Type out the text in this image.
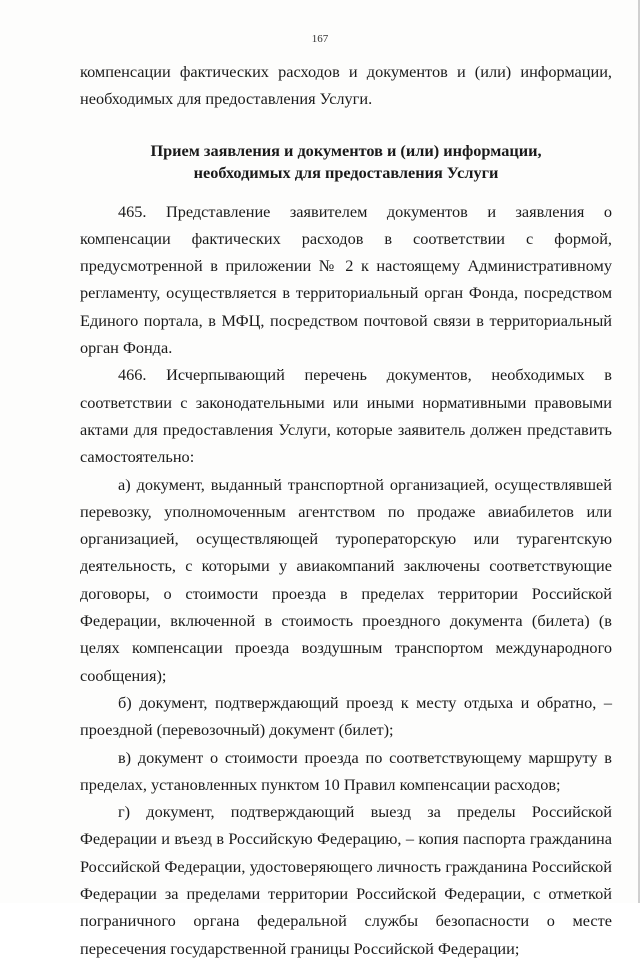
167

компенсации фактических расходов и документов и (или) информации, необходимых для предоставления Услуги.

Прием заявления и документов и (или) информации,
необходимых для предоставления Услуги

465. Представление заявителем документов и заявления о компенсации фактических расходов в соответствии с формой, предусмотренной в приложении № 2 к настоящему Административному регламенту, осуществляется в территориальный орган Фонда, посредством Единого портала, в МФЦ, посредством почтовой связи в территориальный орган Фонда.

466. Исчерпывающий перечень документов, необходимых в соответствии с законодательными или иными нормативными правовыми актами для предоставления Услуги, которые заявитель должен представить самостоятельно:

а) документ, выданный транспортной организацией, осуществлявшей перевозку, уполномоченным агентством по продаже авиабилетов или организацией, осуществляющей туроператорскую или турагентскую деятельность, с которыми у авиакомпаний заключены соответствующие договоры, о стоимости проезда в пределах территории Российской Федерации, включенной в стоимость проездного документа (билета) (в целях компенсации проезда воздушным транспортом международного сообщения);

б) документ, подтверждающий проезд к месту отдыха и обратно, – проездной (перевозочный) документ (билет);

в) документ о стоимости проезда по соответствующему маршруту в пределах, установленных пунктом 10 Правил компенсации расходов;

г) документ, подтверждающий выезд за пределы Российской Федерации и въезд в Российскую Федерацию, – копия паспорта гражданина Российской Федерации, удостоверяющего личность гражданина Российской Федерации за пределами территории Российской Федерации, с отметкой пограничного органа федеральной службы безопасности о месте пересечения государственной границы Российской Федерации;
